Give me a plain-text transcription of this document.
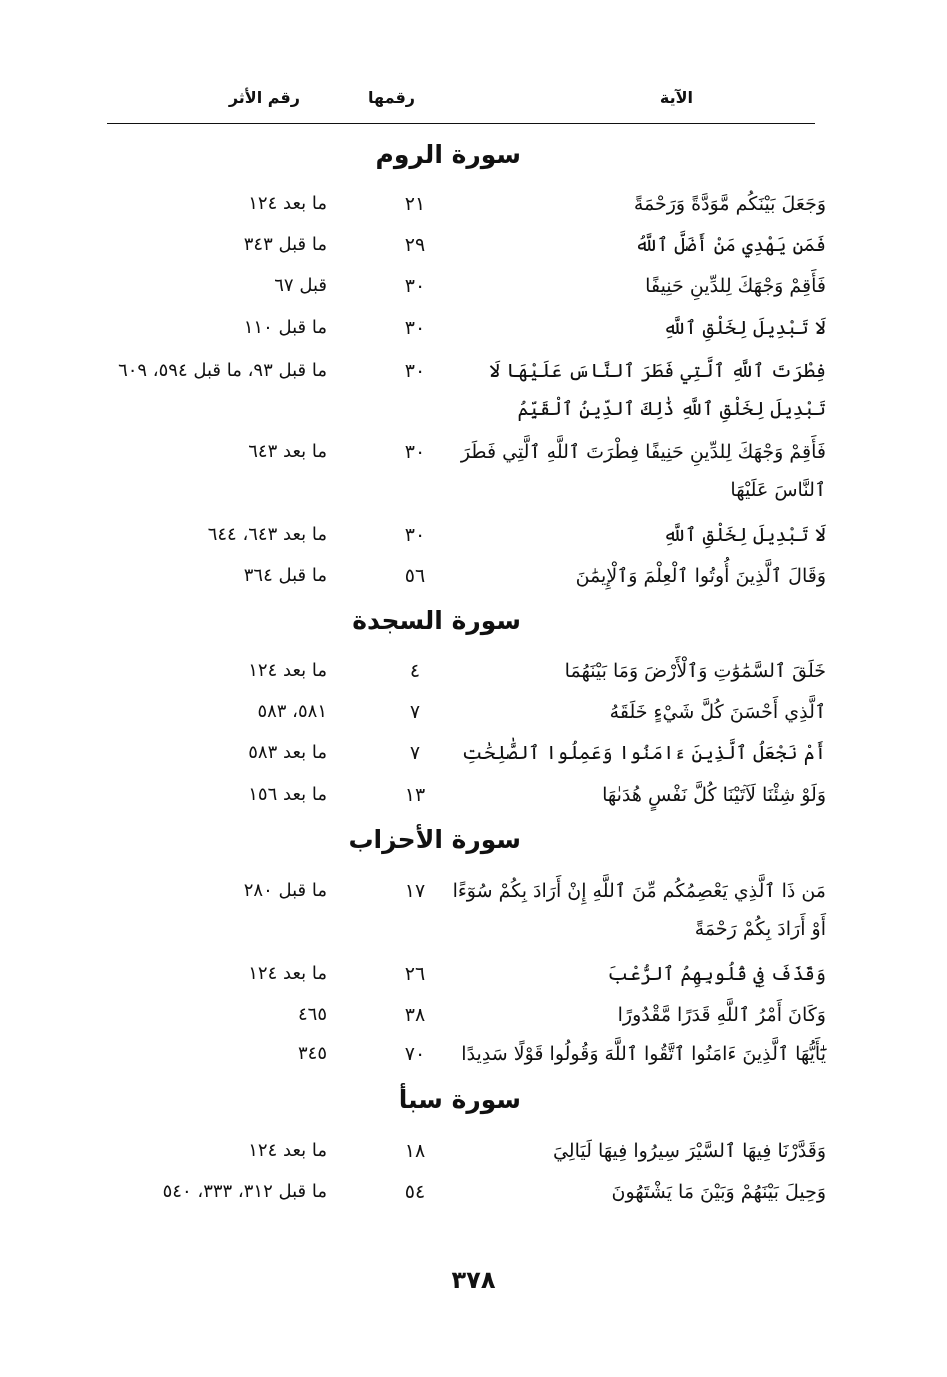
الآية
رقمها
رقم الأثر
سورة الروم
وَجَعَلَ بَيْنَكُم مَّوَدَّةً وَرَحْمَةً
٢١
ما بعد ١٢٤
فَمَن يَهْدِي مَنْ أَضَلَّ ٱللَّهُ
٢٩
ما قبل ٣٤٣
فَأَقِمْ وَجْهَكَ لِلدِّينِ حَنِيفًا
٣٠
قبل ٦٧
لَا تَبْدِيلَ لِخَلْقِ ٱللَّهِ
٣٠
ما قبل ١١٠
فِطْرَتَ ٱللَّهِ ٱلَّتِي فَطَرَ ٱلنَّاسَ عَلَيْهَا لَا تَبْدِيلَ لِخَلْقِ ٱللَّهِ ذَٰلِكَ ٱلدِّينُ ٱلْقَيِّمُ
٣٠
ما قبل ٩٣، ما قبل ٥٩٤، ٦٠٩
فَأَقِمْ وَجْهَكَ لِلدِّينِ حَنِيفًا فِطْرَتَ ٱللَّهِ ٱلَّتِي فَطَرَ ٱلنَّاسَ عَلَيْهَا
٣٠
ما بعد ٦٤٣
لَا تَبْدِيلَ لِخَلْقِ ٱللَّهِ
٣٠
ما بعد ٦٤٣، ٦٤٤
وَقَالَ ٱلَّذِينَ أُوتُوا ٱلْعِلْمَ وَٱلْإِيمَٰنَ
٥٦
ما قبل ٣٦٤
سورة السجدة
خَلَقَ ٱلسَّمَٰوَٰتِ وَٱلْأَرْضَ وَمَا بَيْنَهُمَا
٤
ما بعد ١٢٤
ٱلَّذِي أَحْسَنَ كُلَّ شَيْءٍ خَلَقَهُ
٧
٥٨١، ٥٨٣
أَمْ نَجْعَلُ ٱلَّذِينَ ءَامَنُوا وَعَمِلُوا ٱلصَّٰلِحَٰتِ
٧
ما بعد ٥٨٣
وَلَوْ شِئْنَا لَآتَيْنَا كُلَّ نَفْسٍ هُدَىٰهَا
١٣
ما بعد ١٥٦
سورة الأحزاب
مَن ذَا ٱلَّذِي يَعْصِمُكُم مِّنَ ٱللَّهِ إِنْ أَرَادَ بِكُمْ سُوٓءًا أَوْ أَرَادَ بِكُمْ رَحْمَةً
١٧
ما قبل ٢٨٠
وَقَذَفَ فِي قُلُوبِهِمُ ٱلرُّعْبَ
٢٦
ما بعد ١٢٤
وَكَانَ أَمْرُ ٱللَّهِ قَدَرًا مَّقْدُورًا
٣٨
٤٦٥
يَٰٓأَيُّهَا ٱلَّذِينَ ءَامَنُوا ٱتَّقُوا ٱللَّهَ وَقُولُوا قَوْلًا سَدِيدًا
٧٠
٣٤٥
سورة سبأ
وَقَدَّرْنَا فِيهَا ٱلسَّيْرَ سِيرُوا فِيهَا لَيَالِيَ
١٨
ما بعد ١٢٤
وَحِيلَ بَيْنَهُمْ وَبَيْنَ مَا يَشْتَهُونَ
٥٤
ما قبل ٣١٢، ٣٣٣، ٥٤٠
٣٧٨
